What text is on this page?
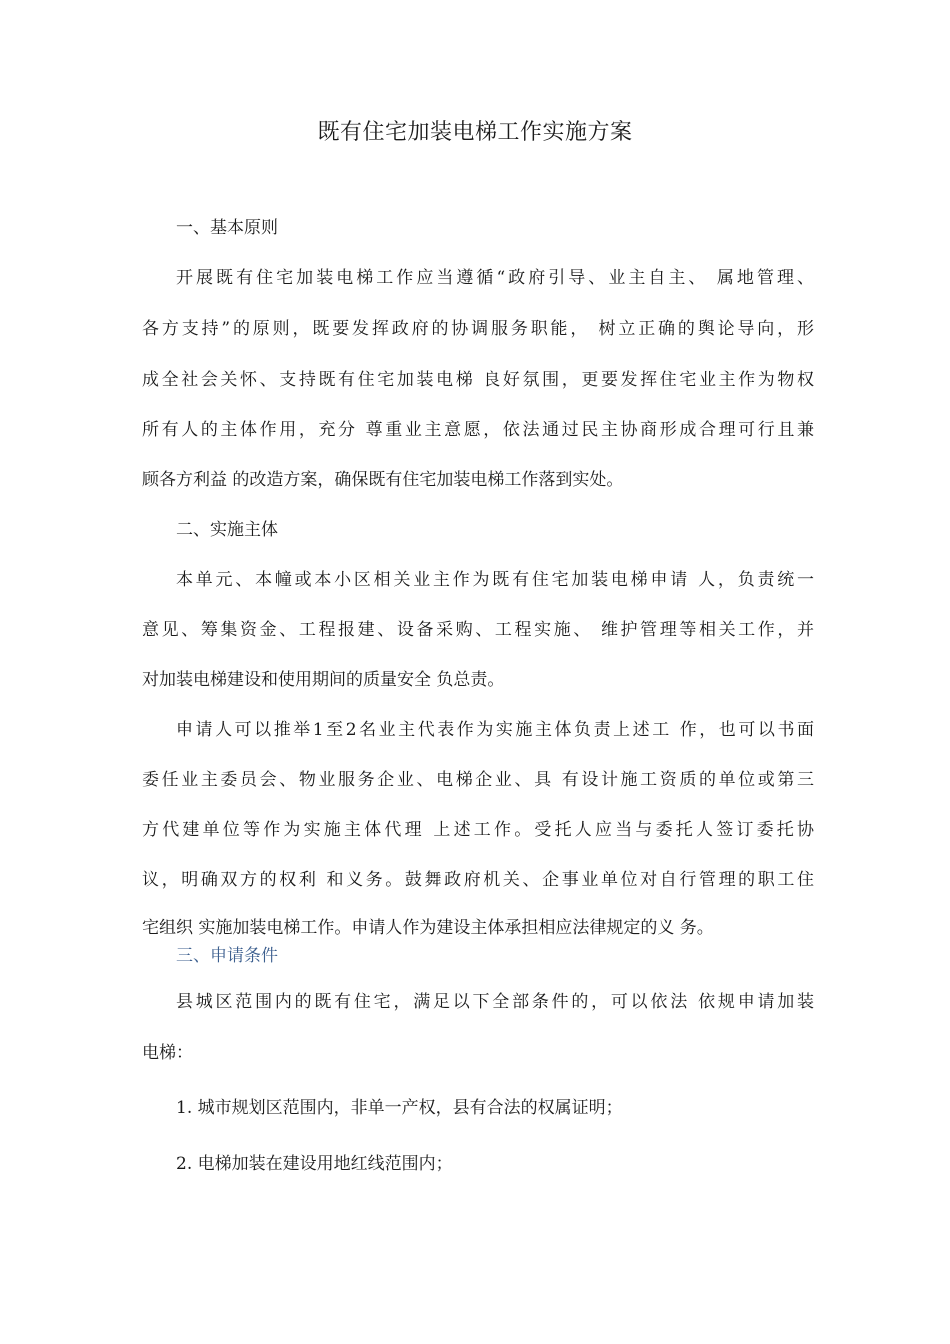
既有住宅加装电梯工作实施方案
一、基本原则
开展既有住宅加装电梯工作应当遵循“政府引导、业主自主、 属地管理、
各方支持”的原则，既要发挥政府的协调服务职能， 树立正确的舆论导向，形
成全社会关怀、支持既有住宅加装电梯 良好氛围，更要发挥住宅业主作为物权
所有人的主体作用，充分 尊重业主意愿，依法通过民主协商形成合理可行且兼
顾各方利益 的改造方案，确保既有住宅加装电梯工作落到实处。
二、实施主体
本单元、本幢或本小区相关业主作为既有住宅加装电梯申请 人，负责统一
意见、筹集资金、工程报建、设备采购、工程实施、 维护管理等相关工作，并
对加装电梯建设和使用期间的质量安全 负总责。
申请人可以推举1至2名业主代表作为实施主体负责上述工 作，也可以书面
委任业主委员会、物业服务企业、电梯企业、具 有设计施工资质的单位或第三
方代建单位等作为实施主体代理 上述工作。受托人应当与委托人签订委托协
议，明确双方的权利 和义务。鼓舞政府机关、企事业单位对自行管理的职工住
宅组织 实施加装电梯工作。申请人作为建设主体承担相应法律规定的义 务。
三、申请条件
县城区范围内的既有住宅，满足以下全部条件的，可以依法 依规申请加装
电梯：
1. 城市规划区范围内，非单一产权，县有合法的权属证明；
2. 电梯加装在建设用地红线范围内；
